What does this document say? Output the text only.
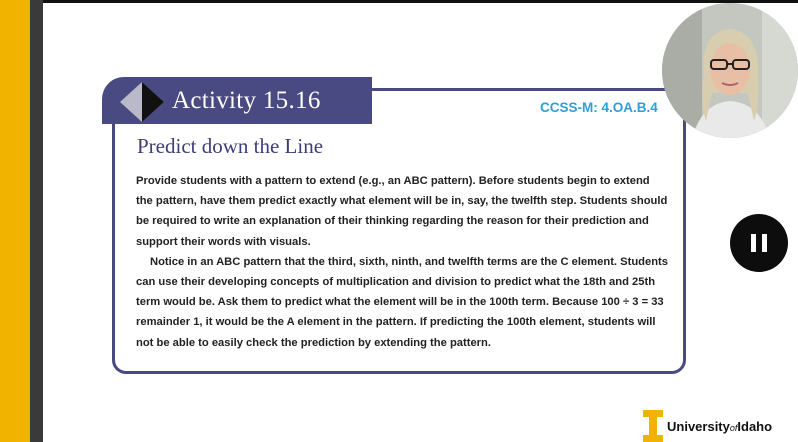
Activity 15.16	CCSS-M: 4.OA.B.4
Predict down the Line

Provide students with a pattern to extend (e.g., an ABC pattern). Before students begin to extend the pattern, have them predict exactly what element will be in, say, the twelfth step. Students should be required to write an explanation of their thinking regarding the reason for their prediction and support their words with visuals.

Notice in an ABC pattern that the third, sixth, ninth, and twelfth terms are the C element. Students can use their developing concepts of multiplication and division to predict what the 18th and 25th term would be. Ask them to predict what the element will be in the 100th term. Because 100 ÷ 3 = 33 remainder 1, it would be the A element in the pattern. If predicting the 100th element, students will not be able to easily check the prediction by extending the pattern.

UniversityofIdaho
